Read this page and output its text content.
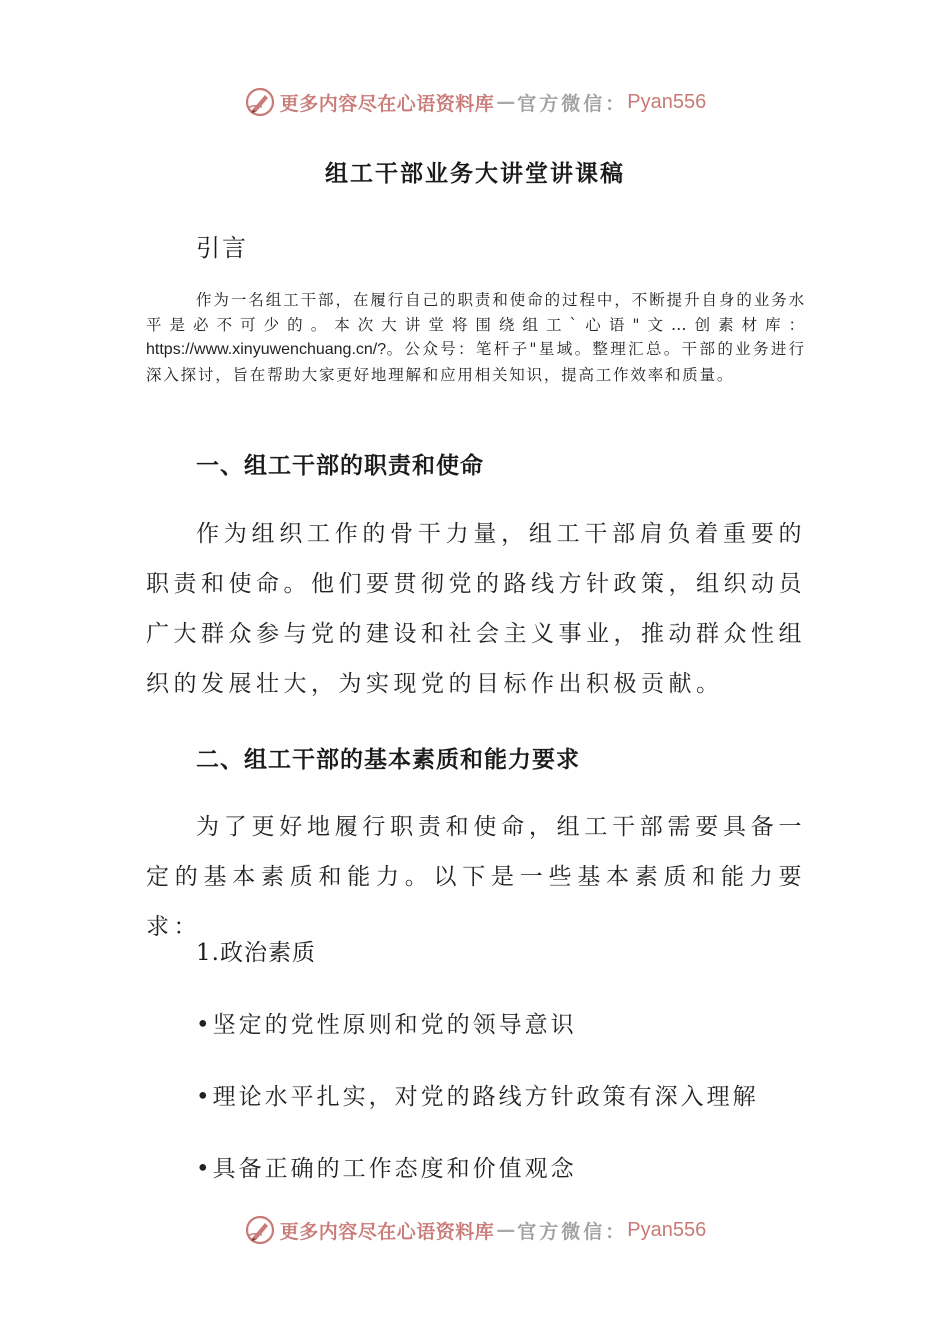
更多内容尽在心语资料库 — 官方微信： Pyan556
组工干部业务大讲堂讲课稿
引言

作为一名组工干部，在履行自己的职责和使命的过程中，不断提升自身的业务水平是必不可少的。本次大讲堂将围绕组工`心语"文…创素材库：https://www.xinyuwenchuang.cn/?。公众号：笔杆子"星域。整理汇总。干部的业务进行深入探讨，旨在帮助大家更好地理解和应用相关知识，提高工作效率和质量。

一、组工干部的职责和使命

作为组织工作的骨干力量，组工干部肩负着重要的职责和使命。他们要贯彻党的路线方针政策，组织动员广大群众参与党的建设和社会主义事业，推动群众性组织的发展壮大，为实现党的目标作出积极贡献。

二、组工干部的基本素质和能力要求

为了更好地履行职责和使命，组工干部需要具备一定的基本素质和能力。以下是一些基本素质和能力要求：

1.政治素质

•坚定的党性原则和党的领导意识

•理论水平扎实，对党的路线方针政策有深入理解

•具备正确的工作态度和价值观念

更多内容尽在心语资料库 — 官方微信： Pyan556
